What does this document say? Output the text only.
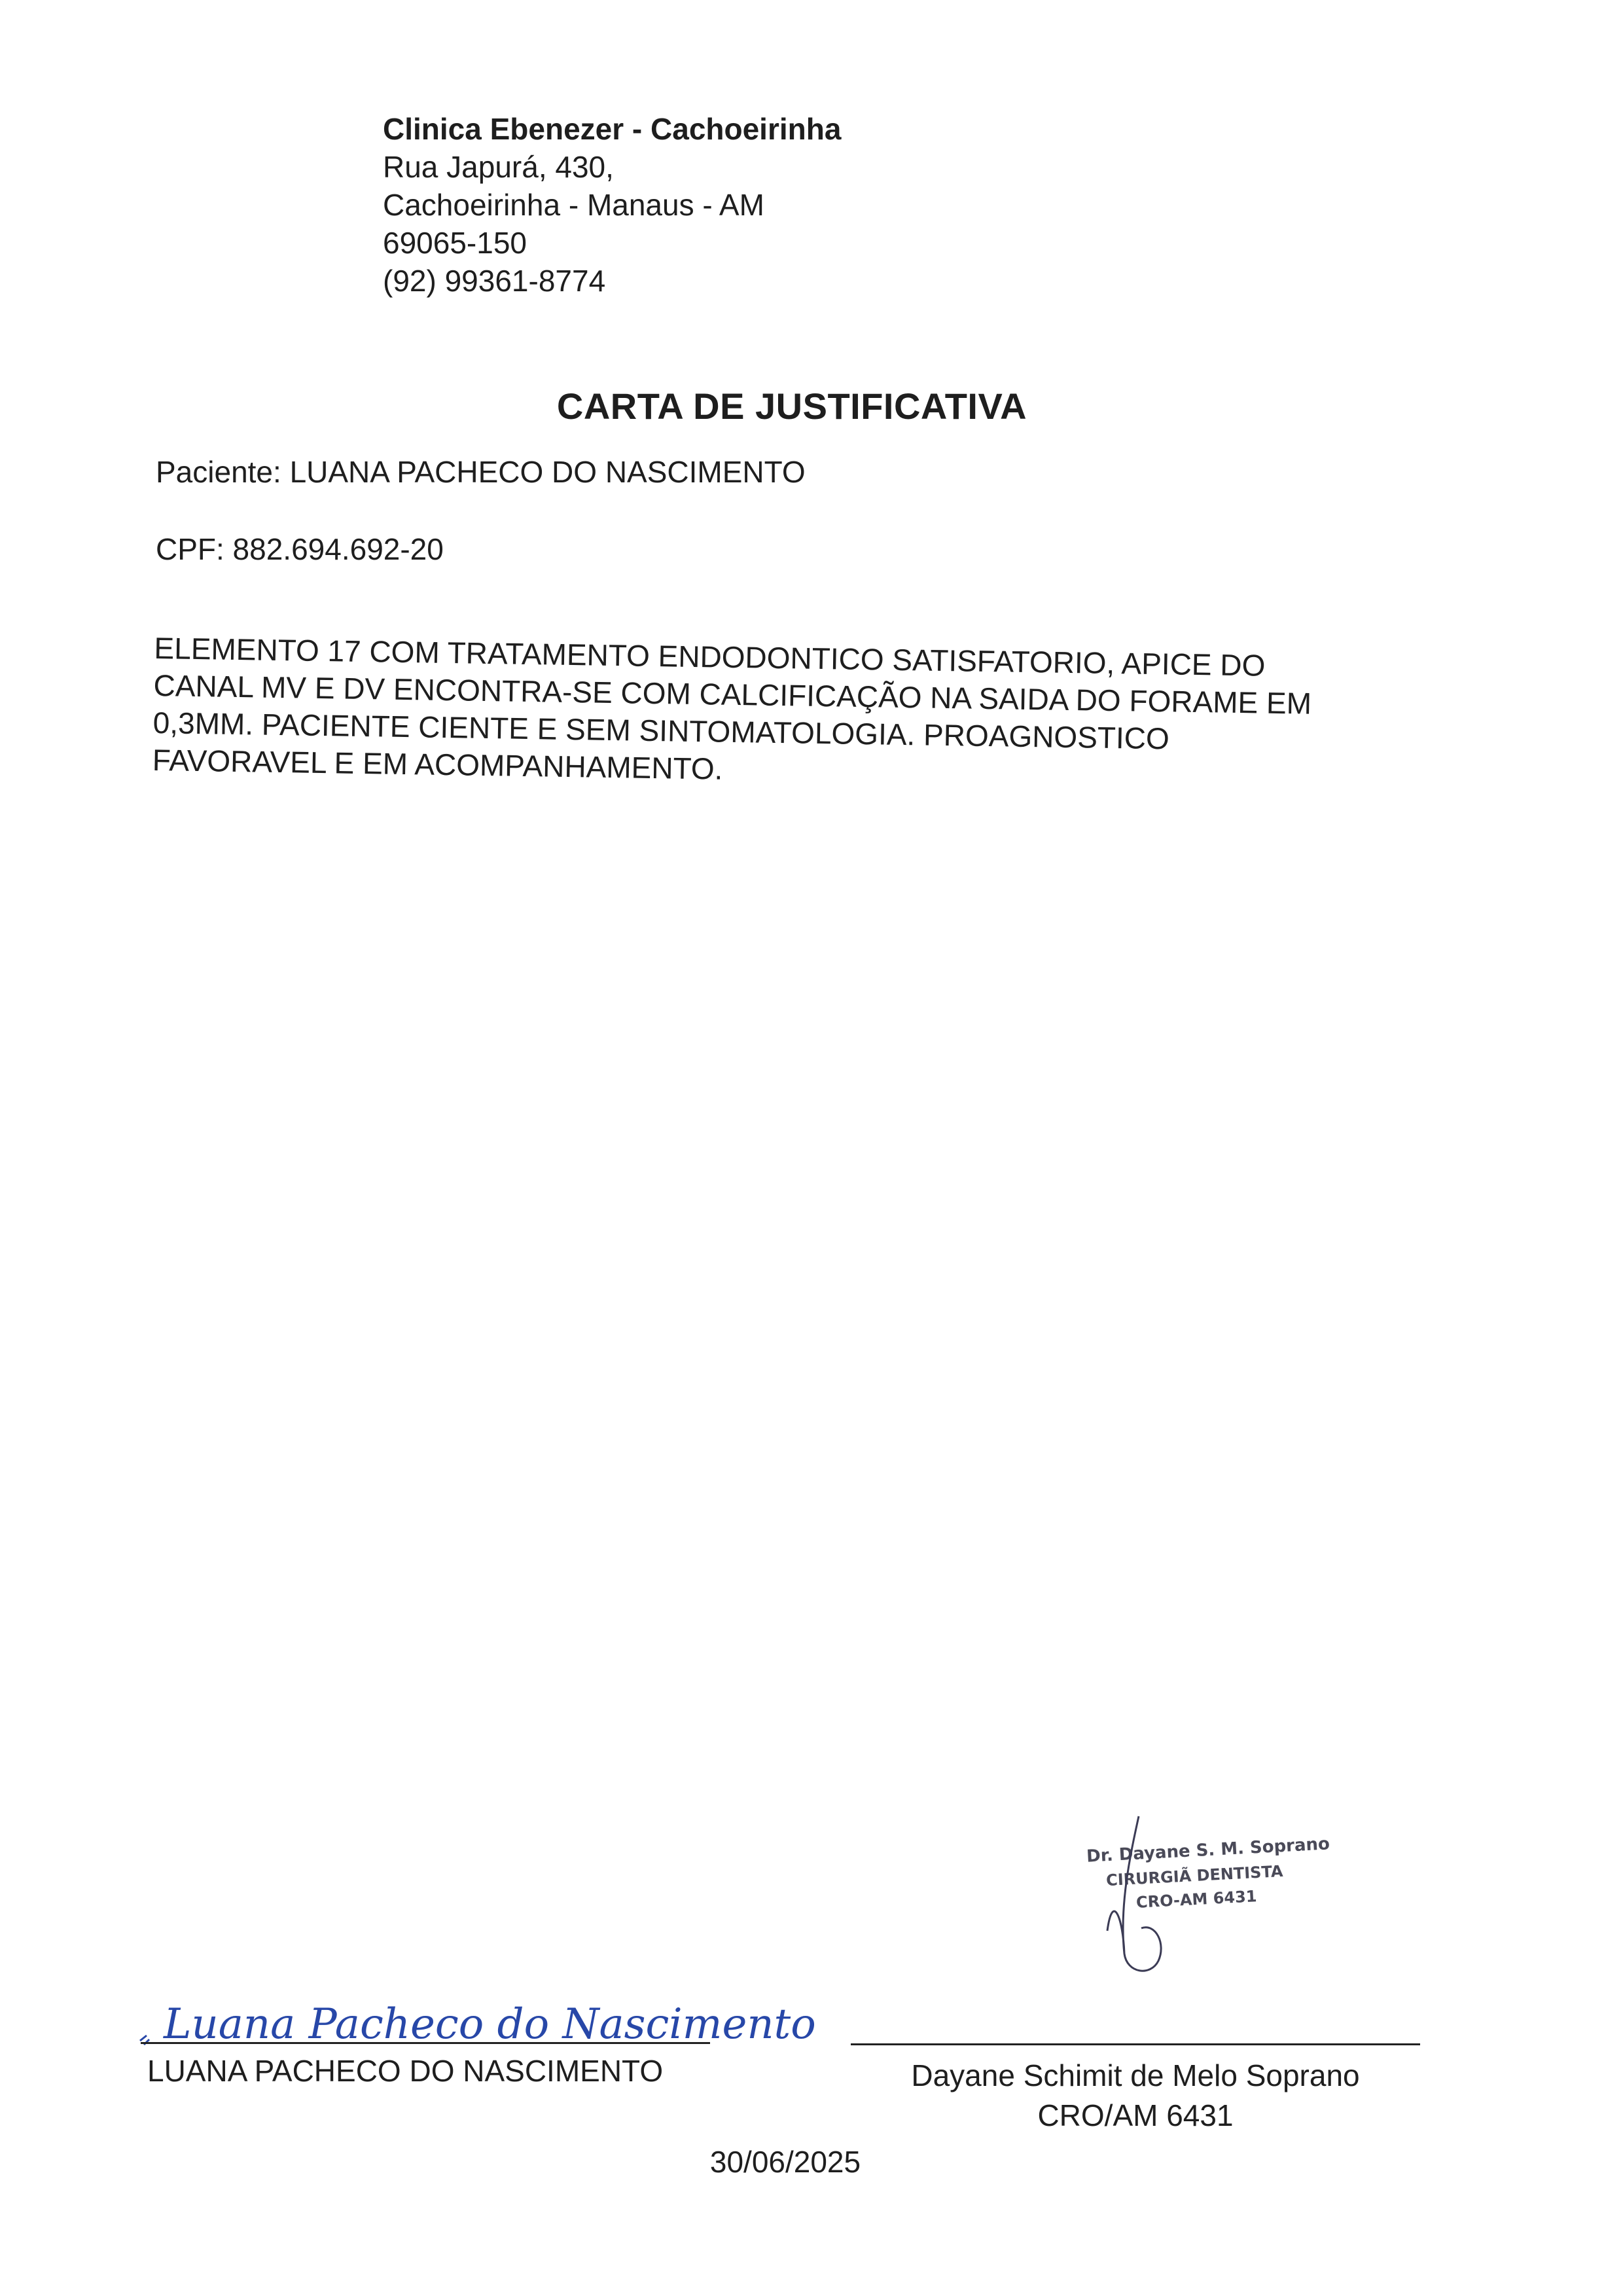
Clinica Ebenezer - Cachoeirinha
Rua Japurá, 430,
Cachoeirinha - Manaus - AM
69065-150
(92) 99361-8774
CARTA DE JUSTIFICATIVA
Paciente: LUANA PACHECO DO NASCIMENTO
CPF: 882.694.692-20
ELEMENTO 17 COM TRATAMENTO ENDODONTICO SATISFATORIO, APICE DO
CANAL MV E DV ENCONTRA-SE COM CALCIFICAÇÃO NA SAIDA DO FORAME EM
0,3MM. PACIENTE CIENTE E SEM SINTOMATOLOGIA. PROAGNOSTICO
FAVORAVEL E EM ACOMPANHAMENTO.
Dr. Dayane S. M. Soprano
CIRURGIÃ DENTISTA
CRO-AM 6431
Luana Pacheco do Nascimento
LUANA PACHECO DO NASCIMENTO	Dayane Schimit de Melo Soprano
CRO/AM 6431
30/06/2025
